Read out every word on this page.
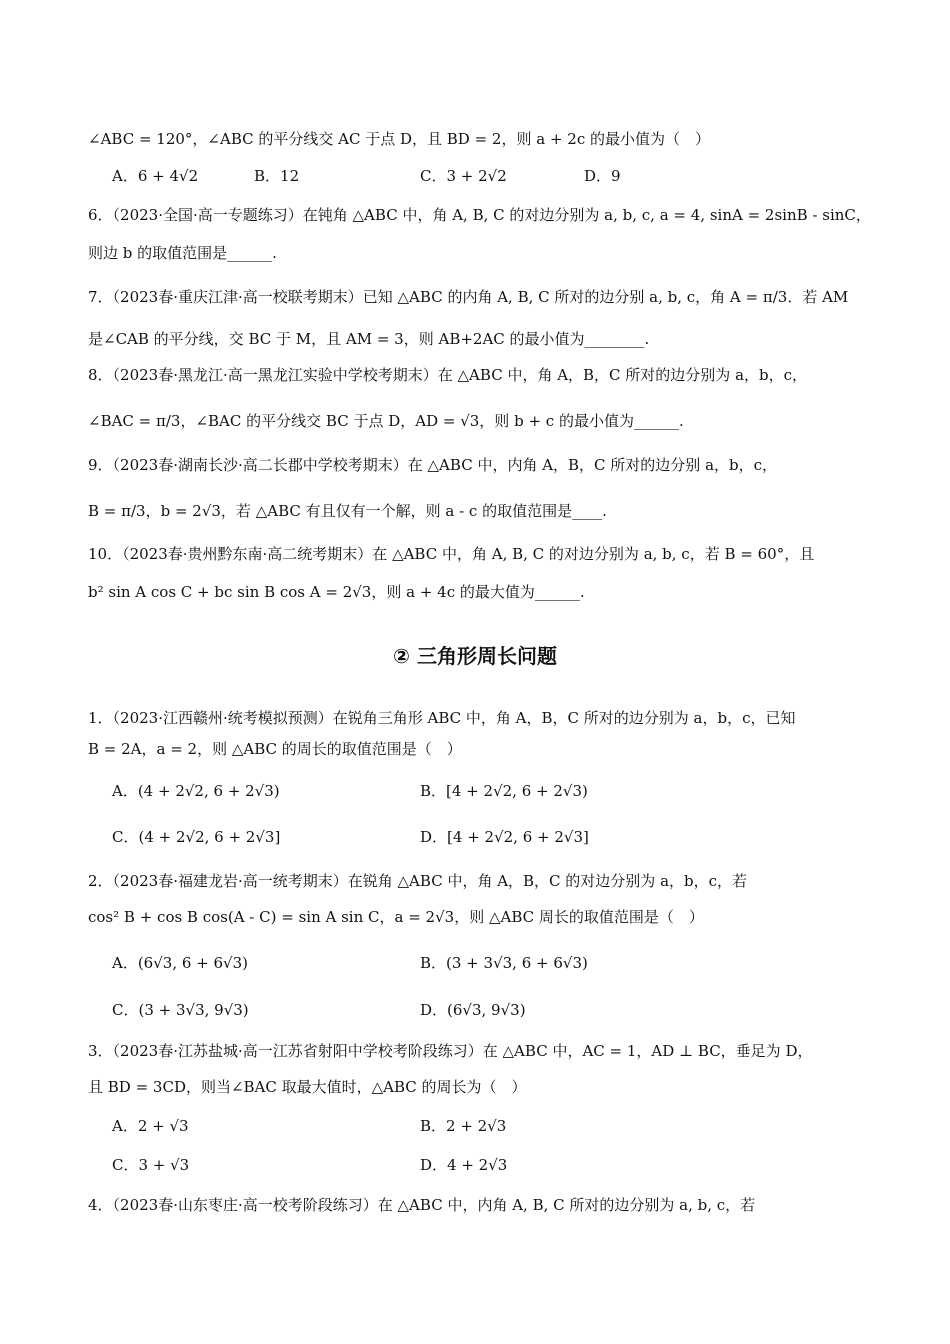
∠ABC = 120°，∠ABC 的平分线交 AC 于点 D，且 BD = 2，则 a + 2c 的最小值为（　）
A．6 + 4√2	B．12	C．3 + 2√2	D．9
6．（2023·全国·高一专题练习）在钝角 △ABC 中，角 A, B, C 的对边分别为 a, b, c, a = 4, sinA = 2sinB - sinC，
则边 b 的取值范围是______.
7．（2023春·重庆江津·高一校联考期末）已知 △ABC 的内角 A, B, C 所对的边分别 a, b, c，角 A = π/3．若 AM
是∠CAB 的平分线，交 BC 于 M，且 AM = 3，则 AB+2AC 的最小值为________.
8．（2023春·黑龙江·高一黑龙江实验中学校考期末）在 △ABC 中，角 A，B，C 所对的边分别为 a，b，c，
∠BAC = π/3，∠BAC 的平分线交 BC 于点 D，AD = √3，则 b + c 的最小值为______.
9．（2023春·湖南长沙·高二长郡中学校考期末）在 △ABC 中，内角 A，B，C 所对的边分别 a，b，c，
B = π/3，b = 2√3，若 △ABC 有且仅有一个解，则 a - c 的取值范围是____.
10．（2023春·贵州黔东南·高二统考期末）在 △ABC 中，角 A, B, C 的对边分别为 a, b, c，若 B = 60°，且
b² sin A cos C + bc sin B cos A = 2√3，则 a + 4c 的最大值为______.
② 三角形周长问题
1．（2023·江西赣州·统考模拟预测）在锐角三角形 ABC 中，角 A，B，C 所对的边分别为 a，b，c，已知
B = 2A，a = 2，则 △ABC 的周长的取值范围是（　）
A．(4 + 2√2, 6 + 2√3)	B．[4 + 2√2, 6 + 2√3)
C．(4 + 2√2, 6 + 2√3]	D．[4 + 2√2, 6 + 2√3]
2．（2023春·福建龙岩·高一统考期末）在锐角 △ABC 中，角 A，B，C 的对边分别为 a，b，c，若
cos² B + cos B cos(A - C) = sin A sin C，a = 2√3，则 △ABC 周长的取值范围是（　）
A．(6√3, 6 + 6√3)	B．(3 + 3√3, 6 + 6√3)
C．(3 + 3√3, 9√3)	D．(6√3, 9√3)
3．（2023春·江苏盐城·高一江苏省射阳中学校考阶段练习）在 △ABC 中，AC = 1，AD ⊥ BC，垂足为 D，
且 BD = 3CD，则当∠BAC 取最大值时，△ABC 的周长为（　）
A．2 + √3	B．2 + 2√3
C．3 + √3	D．4 + 2√3
4．（2023春·山东枣庄·高一校考阶段练习）在 △ABC 中，内角 A, B, C 所对的边分别为 a, b, c，若
